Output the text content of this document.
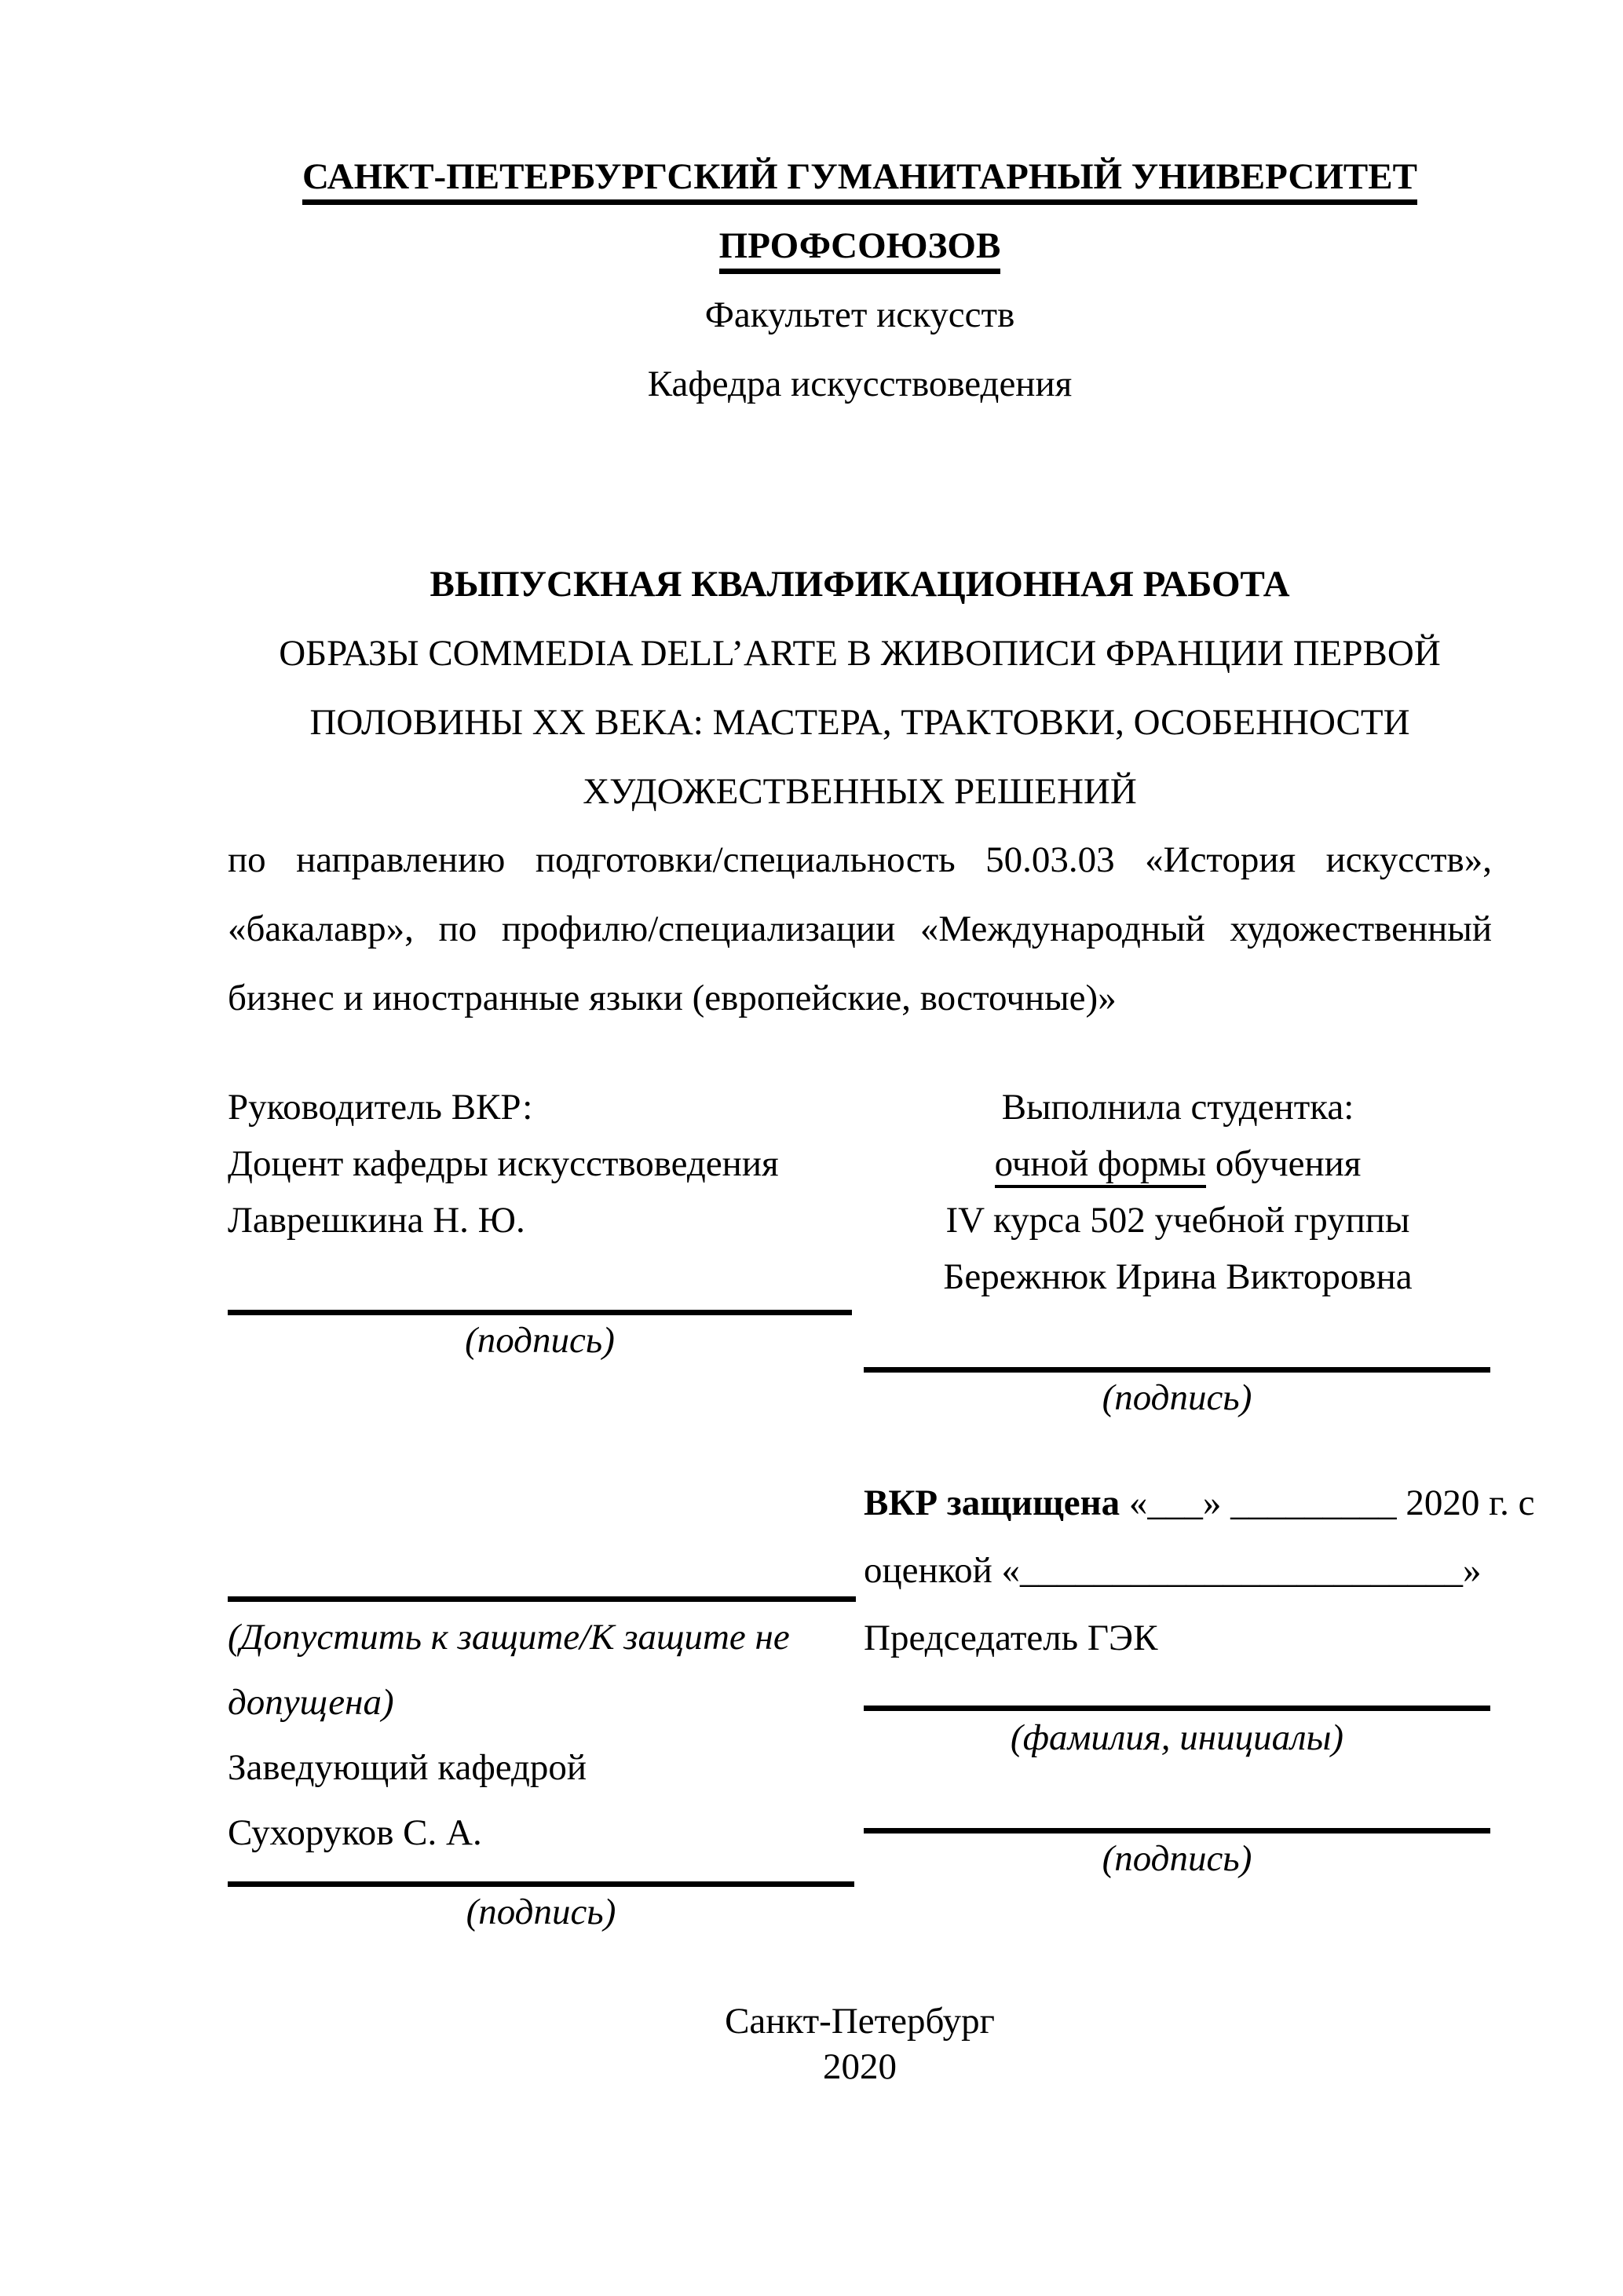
САНКТ-ПЕТЕРБУРГСКИЙ ГУМАНИТАРНЫЙ УНИВЕРСИТЕТ
ПРОФСОЮЗОВ
Факультет искусств
Кафедра искусствоведения
ВЫПУСКНАЯ КВАЛИФИКАЦИОННАЯ РАБОТА
ОБРАЗЫ COMMEDIA DELL’ARTE В ЖИВОПИСИ ФРАНЦИИ ПЕРВОЙ
ПОЛОВИНЫ XX ВЕКА: МАСТЕРА, ТРАКТОВКИ, ОСОБЕННОСТИ
ХУДОЖЕСТВЕННЫХ РЕШЕНИЙ
по направлению подготовки/специальность 50.03.03 «История искусств»,
«бакалавр», по профилю/специализации «Международный художественный
бизнес и иностранные языки (европейские, восточные)»
Руководитель ВКР:
Доцент кафедры искусствоведения
Лаврешкина Н. Ю.
(подпись)
Выполнила студентка:
очной формы обучения
IV курса 502 учебной группы
Бережнюк Ирина Викторовна
(подпись)
ВКР защищена «___» _________ 2020 г. с
оценкой «________________________»
Председатель ГЭК
(фамилия, инициалы)
(подпись)
(Допустить к защите/К защите не
допущена)
Заведующий кафедрой
Сухоруков С. А.
(подпись)
Санкт-Петербург
2020
